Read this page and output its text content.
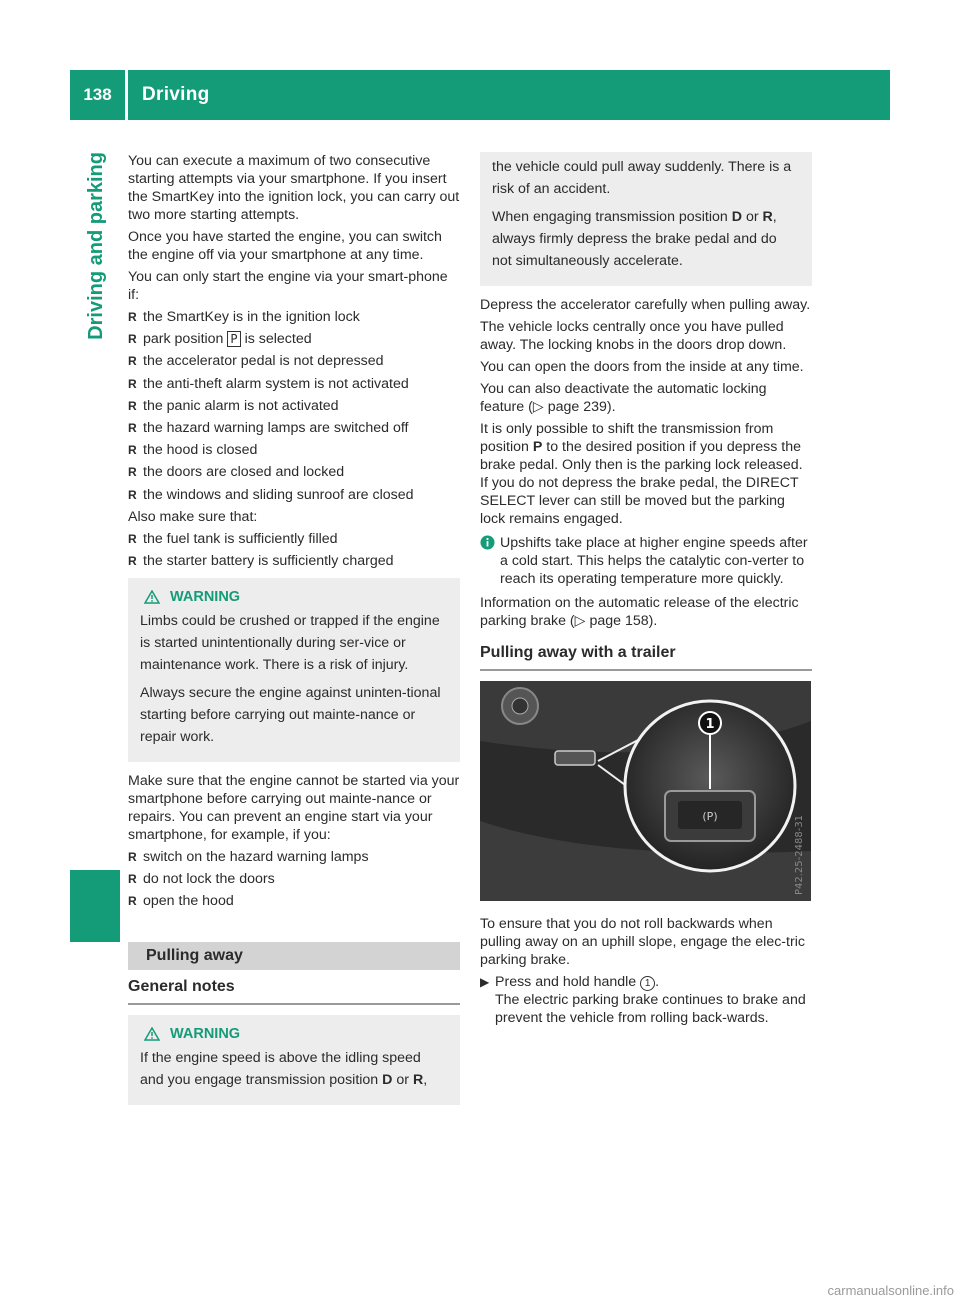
138	Driving
Driving and parking You can execute a maximum of two consecutive starting attempts via your smartphone. If you insert the SmartKey into the ignition lock, you can carry out two more starting attempts.

Once you have started the engine, you can switch the engine off via your smartphone at any time.

You can only start the engine via your smart-phone if:

R the SmartKey is in the ignition lock
R park position P is selected
R the accelerator pedal is not depressed
R the anti-theft alarm system is not activated
R the panic alarm is not activated
R the hazard warning lamps are switched off
R the hood is closed
R the doors are closed and locked
R the windows and sliding sunroof are closed

Also make sure that:

R the fuel tank is sufficiently filled
R the starter battery is sufficiently charged
WARNING

Limbs could be crushed or trapped if the engine is started unintentionally during ser-vice or maintenance work. There is a risk of injury.

Always secure the engine against uninten-tional starting before carrying out mainte-nance or repair work.

Make sure that the engine cannot be started via your smartphone before carrying out mainte-nance or repairs. You can prevent an engine start via your smartphone, for example, if you:

R switch on the hazard warning lamps
R do not lock the doors
R open the hood
Pulling away
General notes
WARNING

If the engine speed is above the idling speed and you engage transmission position D or R,

the vehicle could pull away suddenly. There is a risk of an accident.

When engaging transmission position D or R, always firmly depress the brake pedal and do not simultaneously accelerate.

Depress the accelerator carefully when pulling away.

The vehicle locks centrally once you have pulled away. The locking knobs in the doors drop down.

You can open the doors from the inside at any time.

You can also deactivate the automatic locking feature (▷ page 239).

It is only possible to shift the transmission from position P to the desired position if you depress the brake pedal. Only then is the parking lock released. If you do not depress the brake pedal, the DIRECT SELECT lever can still be moved but the parking lock remains engaged.

Upshifts take place at higher engine speeds after a cold start. This helps the catalytic con-verter to reach its operating temperature more quickly.

Information on the automatic release of the electric parking brake (▷ page 158).

Pulling away with a trailer
(P)
1
P42.25-2488-31

To ensure that you do not roll backwards when pulling away on an uphill slope, engage the elec-tric parking brake.

▶ Press and hold handle 1 .
The electric parking brake continues to brake and prevent the vehicle from rolling back-wards.
carmanualsonline.info
